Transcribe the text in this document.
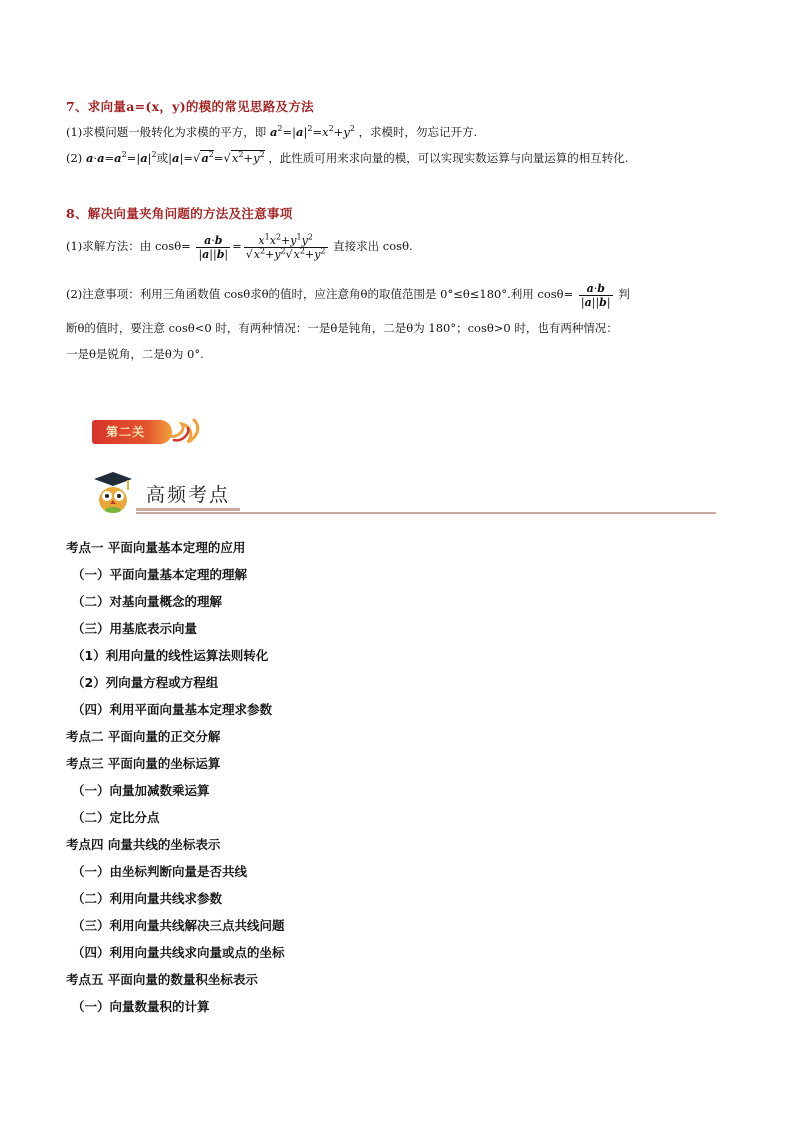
7、求向量a=(x，y)的模的常见思路及方法
(1)求模问题一般转化为求模的平方，即 $a^2=|a|^2=x^2+y^2$ ，求模时，勿忘记开方.
(2) $a\cdot a=a^2=|a|^2$或$|a|=√a^2=√x^2+y^2$ ，此性质可用来求向量的模，可以实现实数运算与向量运算的相互转化.
8、解决向量夹角问题的方法及注意事项
(1)求解方法：由 $\cos\theta= \frac{a\cdot b}{|a||b|} = \frac{x^1x^2+y^1y^2}{√x^2+y^2√x^2+y^2}$ 直接求出 cosθ.
(2)注意事项：利用三角函数值 cosθ求θ的值时，应注意角θ的取值范围是 0°≤θ≤180°.利用 $\cos\theta= \frac{a\cdot b}{|a||b|}$ 判
断θ的值时，要注意 cosθ<0 时，有两种情况：一是θ是钝角，二是θ为 180°；cosθ>0 时，也有两种情况：
一是θ是锐角，二是θ为 0°.
第二关
高频考点
考点一 平面向量基本定理的应用
（一）平面向量基本定理的理解
（二）对基向量概念的理解
（三）用基底表示向量
（1）利用向量的线性运算法则转化
（2）列向量方程或方程组
（四）利用平面向量基本定理求参数
考点二 平面向量的正交分解
考点三 平面向量的坐标运算
（一）向量加减数乘运算
（二）定比分点
考点四 向量共线的坐标表示
（一）由坐标判断向量是否共线
（二）利用向量共线求参数
（三）利用向量共线解决三点共线问题
（四）利用向量共线求向量或点的坐标
考点五 平面向量的数量积坐标表示
（一）向量数量积的计算
